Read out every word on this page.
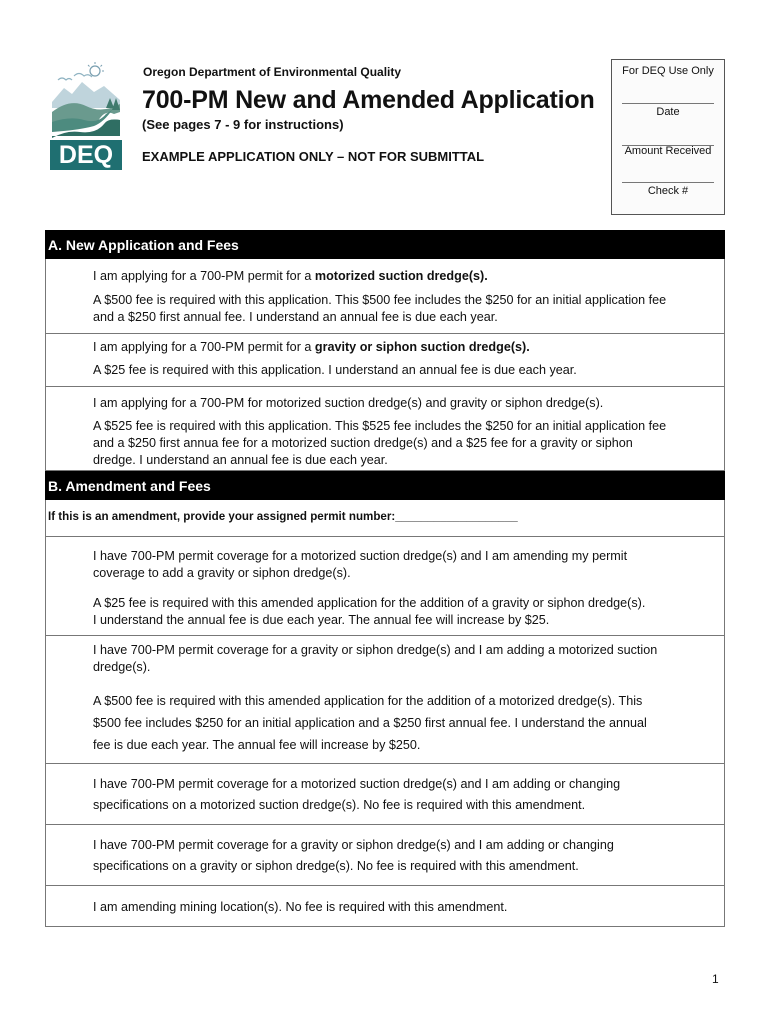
DEQ
Oregon Department of Environmental Quality
700-PM New and Amended Application
(See pages 7 - 9 for instructions)
EXAMPLE APPLICATION ONLY – NOT FOR SUBMITTAL
For DEQ Use Only
Date
Amount Received
Check #
A. New Application and Fees
I am applying for a 700-PM permit for a motorized suction dredge(s).
A $500 fee is required with this application. This $500 fee includes the $250 for an initial application fee
and a $250 first annual fee. I understand an annual fee is due each year.
I am applying for a 700-PM permit for a gravity or siphon suction dredge(s).
A $25 fee is required with this application. I understand an annual fee is due each year.
I am applying for a 700-PM for motorized suction dredge(s) and gravity or siphon dredge(s).
A $525 fee is required with this application. This $525 fee includes the $250 for an initial application fee
and a $250 first annua fee for a motorized suction dredge(s) and a $25 fee for a gravity or siphon
dredge. I understand an annual fee is due each year.
B. Amendment and Fees
If this is an amendment, provide your assigned permit number:___________________
I have 700-PM permit coverage for a motorized suction dredge(s) and I am amending my permit
coverage to add a gravity or siphon dredge(s).
A $25 fee is required with this amended application for the addition of a gravity or siphon dredge(s).
I understand the annual fee is due each year. The annual fee will increase by $25.
I have 700-PM permit coverage for a gravity or siphon dredge(s) and I am adding a motorized suction
dredge(s).
A $500 fee is required with this amended application for the addition of a motorized dredge(s). This
$500 fee includes $250 for an initial application and a $250 first annual fee. I understand the annual
fee is due each year. The annual fee will increase by $250.
I have 700-PM permit coverage for a motorized suction dredge(s) and I am adding or changing
specifications on a motorized suction dredge(s). No fee is required with this amendment.
I have 700-PM permit coverage for a gravity or siphon dredge(s) and I am adding or changing
specifications on a gravity or siphon dredge(s). No fee is required with this amendment.
I am amending mining location(s). No fee is required with this amendment.
1
